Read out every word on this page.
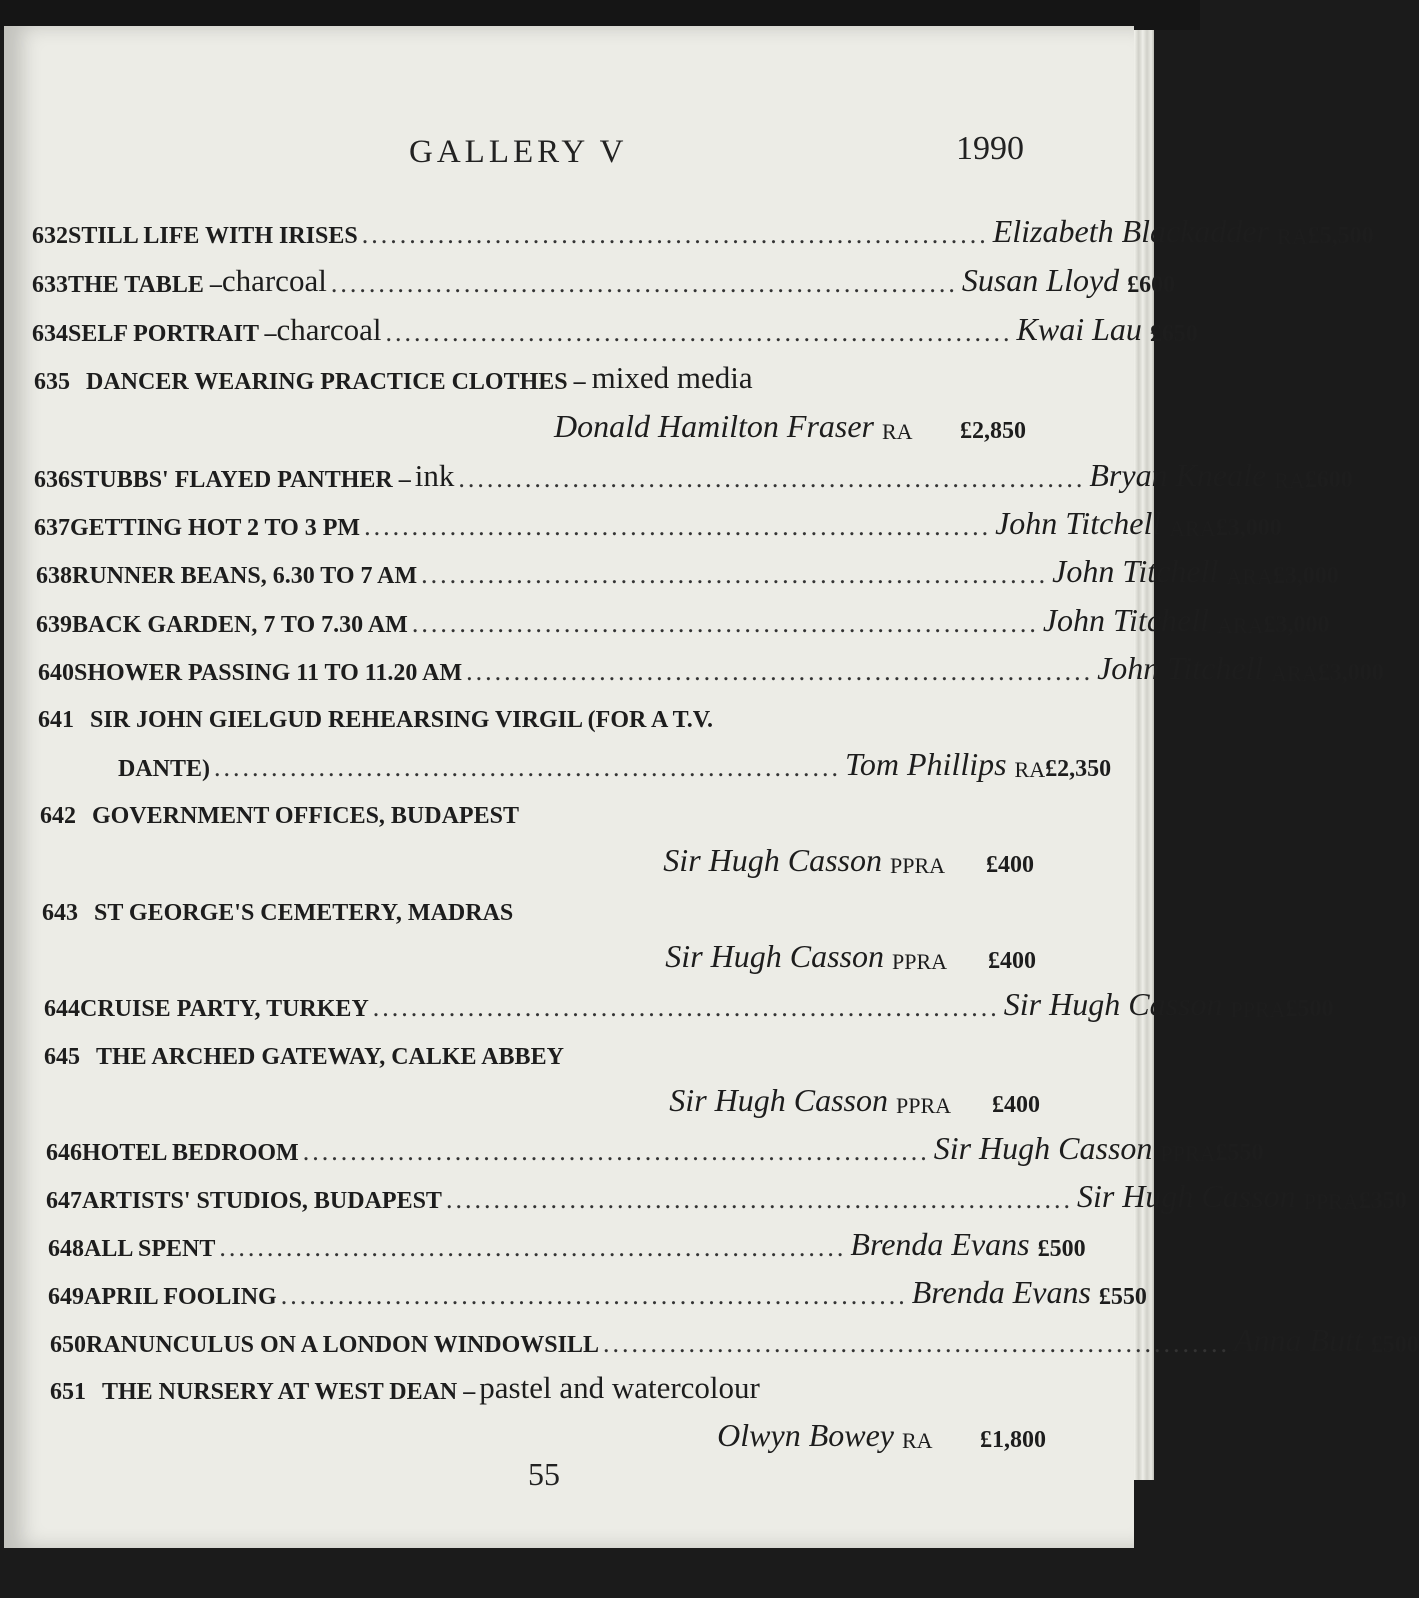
GALLERY V	1990
632 STILL LIFE WITH IRISES .................................................................. Elizabeth Blackadder RA £5,500
633 THE TABLE – charcoal .................................................................. Susan Lloyd £600
634 SELF PORTRAIT – charcoal .................................................................. Kwai Lau £650
635 DANCER WEARING PRACTICE CLOTHES – mixed media
Donald Hamilton Fraser RA	£2,850
636 STUBBS' FLAYED PANTHER – ink .................................................................. Bryan Kneale RA £600
637 GETTING HOT 2 TO 3 PM .................................................................. John Titchell ARA £3,000
638 RUNNER BEANS, 6.30 TO 7 AM .................................................................. John Titchell ARA £3,000
639 BACK GARDEN, 7 TO 7.30 AM .................................................................. John Titchell ARA £3,000
640 SHOWER PASSING 11 TO 11.20 AM .................................................................. John Titchell ARA £3,000
641 SIR JOHN GIELGUD REHEARSING VIRGIL (FOR A T.V.
DANTE) .................................................................. Tom Phillips RA £2,350
642 GOVERNMENT OFFICES, BUDAPEST
Sir Hugh Casson PPRA	£400
643 ST GEORGE'S CEMETERY, MADRAS
Sir Hugh Casson PPRA	£400
644 CRUISE PARTY, TURKEY .................................................................. Sir Hugh Casson PPRA £500
645 THE ARCHED GATEWAY, CALKE ABBEY
Sir Hugh Casson PPRA	£400
646 HOTEL BEDROOM .................................................................. Sir Hugh Casson PPRA £550
647 ARTISTS' STUDIOS, BUDAPEST .................................................................. Sir Hugh Casson PPRA £350
648 ALL SPENT .................................................................. Brenda Evans £500
649 APRIL FOOLING .................................................................. Brenda Evans £550
650 RANUNCULUS ON A LONDON WINDOWSILL .................................................................. Anna Butt £500
651 THE NURSERY AT WEST DEAN – pastel and watercolour
Olwyn Bowey RA	£1,800
55
